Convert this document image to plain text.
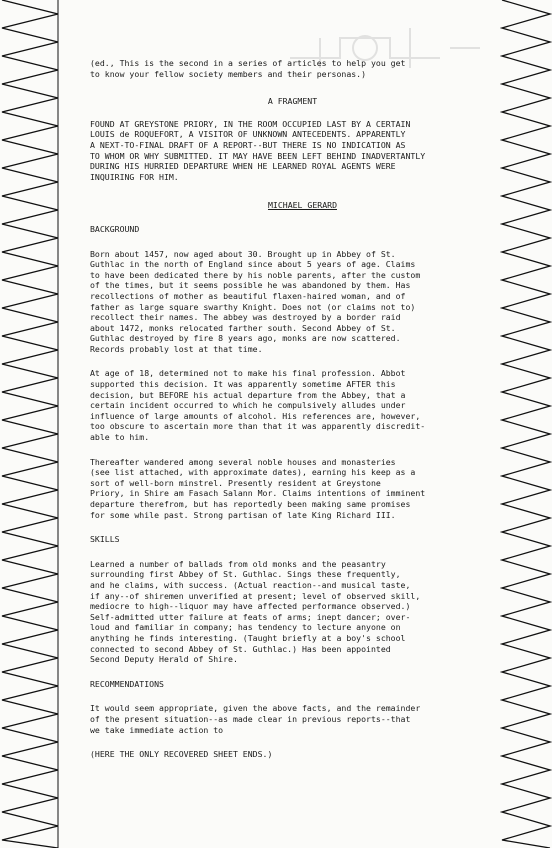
(ed., This is the second in a series of articles to help you get
to know your fellow society members and their personas.)

A FRAGMENT

FOUND AT GREYSTONE PRIORY, IN THE ROOM OCCUPIED LAST BY A CERTAIN
LOUIS de ROQUEFORT, A VISITOR OF UNKNOWN ANTECEDENTS. APPARENTLY
A NEXT-TO-FINAL DRAFT OF A REPORT--BUT THERE IS NO INDICATION AS
TO WHOM OR WHY SUBMITTED. IT MAY HAVE BEEN LEFT BEHIND INADVERTANTLY
DURING HIS HURRIED DEPARTURE WHEN HE LEARNED ROYAL AGENTS WERE
INQUIRING FOR HIM.

MICHAEL GERARD

BACKGROUND

Born about 1457, now aged about 30. Brought up in Abbey of St.
Guthlac in the north of England since about 5 years of age. Claims
to have been dedicated there by his noble parents, after the custom
of the times, but it seems possible he was abandoned by them. Has
recollections of mother as beautiful flaxen-haired woman, and of
father as large square swarthy Knight. Does not (or claims not to)
recollect their names. The abbey was destroyed by a border raid
about 1472, monks relocated farther south. Second Abbey of St.
Guthlac destroyed by fire 8 years ago, monks are now scattered.
Records probably lost at that time.

At age of 18, determined not to make his final profession. Abbot
supported this decision. It was apparently sometime AFTER this
decision, but BEFORE his actual departure from the Abbey, that a
certain incident occurred to which he compulsively alludes under
influence of large amounts of alcohol. His references are, however,
too obscure to ascertain more than that it was apparently discredit-
able to him.

Thereafter wandered among several noble houses and monasteries
(see list attached, with approximate dates), earning his keep as a
sort of well-born minstrel. Presently resident at Greystone
Priory, in Shire am Fasach Salann Mor. Claims intentions of imminent
departure therefrom, but has reportedly been making same promises
for some while past. Strong partisan of late King Richard III.

SKILLS

Learned a number of ballads from old monks and the peasantry
surrounding first Abbey of St. Guthlac. Sings these frequently,
and he claims, with success. (Actual reaction--and musical taste,
if any--of shiremen unverified at present; level of observed skill,
mediocre to high--liquor may have affected performance observed.)
Self-admitted utter failure at feats of arms; inept dancer; over-
loud and familiar in company; has tendency to lecture anyone on
anything he finds interesting. (Taught briefly at a boy's school
connected to second Abbey of St. Guthlac.) Has been appointed
Second Deputy Herald of Shire.

RECOMMENDATIONS

It would seem appropriate, given the above facts, and the remainder
of the present situation--as made clear in previous reports--that
we take immediate action to

(HERE THE ONLY RECOVERED SHEET ENDS.)
